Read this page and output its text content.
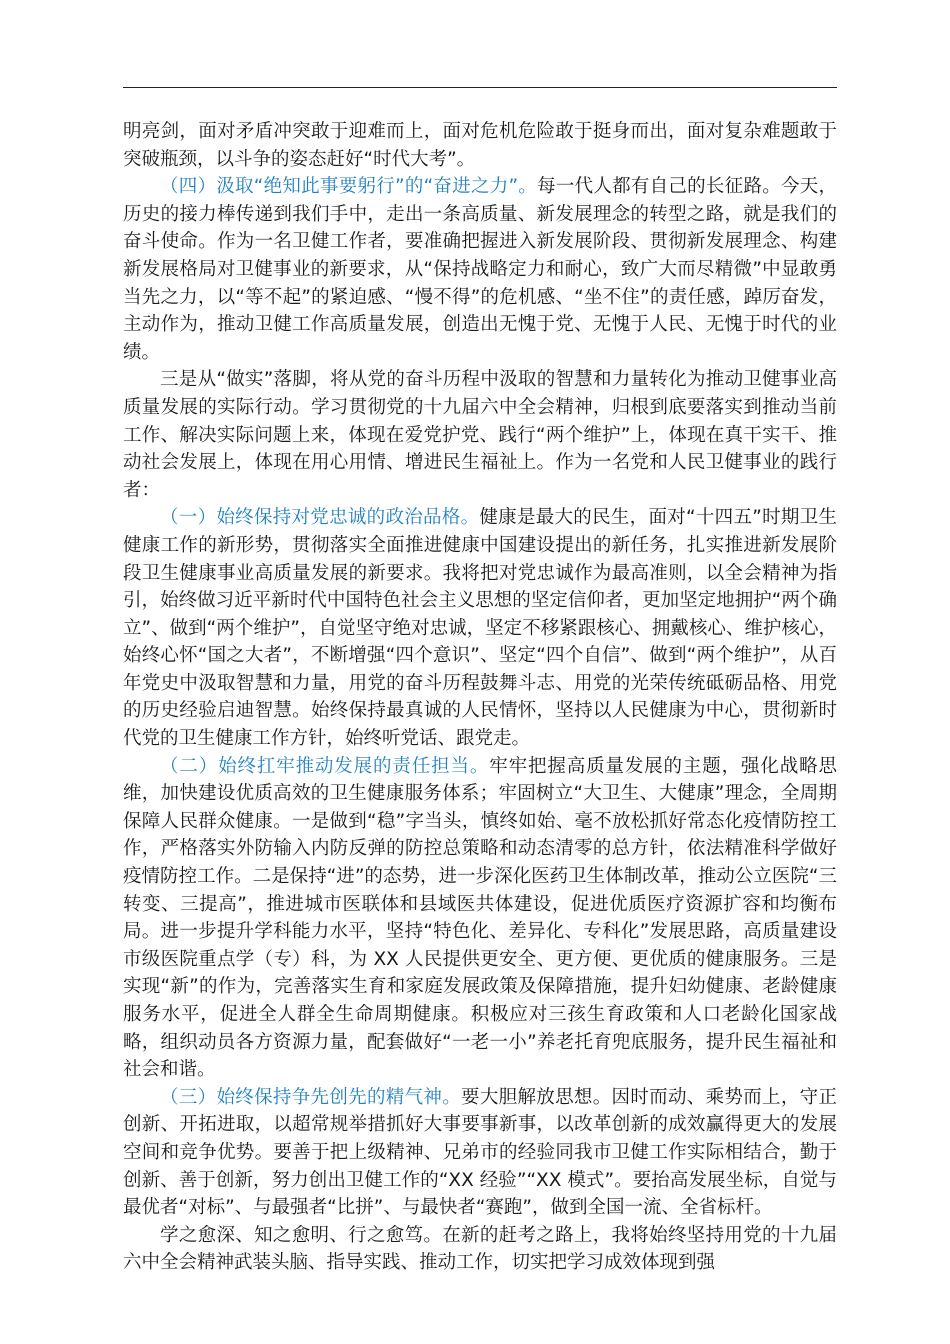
明亮剑，面对矛盾冲突敢于迎难而上，面对危机危险敢于挺身而出，面对复杂难题敢于突破瓶颈，以斗争的姿态赶好“时代大考”。

（四）汲取“绝知此事要躬行”的“奋进之力”。每一代人都有自己的长征路。今天，历史的接力棒传递到我们手中，走出一条高质量、新发展理念的转型之路，就是我们的奋斗使命。作为一名卫健工作者，要准确把握进入新发展阶段、贯彻新发展理念、构建新发展格局对卫健事业的新要求，从“保持战略定力和耐心，致广大而尽精微”中显敢勇当先之力，以“等不起”的紧迫感、“慢不得”的危机感、“坐不住”的责任感，踔厉奋发，主动作为，推动卫健工作高质量发展，创造出无愧于党、无愧于人民、无愧于时代的业绩。

三是从“做实”落脚，将从党的奋斗历程中汲取的智慧和力量转化为推动卫健事业高质量发展的实际行动。学习贯彻党的十九届六中全会精神，归根到底要落实到推动当前工作、解决实际问题上来，体现在爱党护党、践行“两个维护”上，体现在真干实干、推动社会发展上，体现在用心用情、增进民生福祉上。作为一名党和人民卫健事业的践行者：

（一）始终保持对党忠诚的政治品格。健康是最大的民生，面对“十四五”时期卫生健康工作的新形势，贯彻落实全面推进健康中国建设提出的新任务，扎实推进新发展阶段卫生健康事业高质量发展的新要求。我将把对党忠诚作为最高准则，以全会精神为指引，始终做习近平新时代中国特色社会主义思想的坚定信仰者，更加坚定地拥护“两个确立”、做到“两个维护”，自觉坚守绝对忠诚，坚定不移紧跟核心、拥戴核心、维护核心，始终心怀“国之大者”，不断增强“四个意识”、坚定“四个自信”、做到“两个维护”，从百年党史中汲取智慧和力量，用党的奋斗历程鼓舞斗志、用党的光荣传统砥砺品格、用党的历史经验启迪智慧。始终保持最真诚的人民情怀，坚持以人民健康为中心，贯彻新时代党的卫生健康工作方针，始终听党话、跟党走。

（二）始终扛牢推动发展的责任担当。牢牢把握高质量发展的主题，强化战略思维，加快建设优质高效的卫生健康服务体系；牢固树立“大卫生、大健康”理念，全周期保障人民群众健康。一是做到“稳”字当头，慎终如始、毫不放松抓好常态化疫情防控工作，严格落实外防输入内防反弹的防控总策略和动态清零的总方针，依法精准科学做好疫情防控工作。二是保持“进”的态势，进一步深化医药卫生体制改革，推动公立医院“三转变、三提高”，推进城市医联体和县域医共体建设，促进优质医疗资源扩容和均衡布局。进一步提升学科能力水平，坚持“特色化、差异化、专科化”发展思路，高质量建设市级医院重点学（专）科，为 XX 人民提供更安全、更方便、更优质的健康服务。三是实现“新”的作为，完善落实生育和家庭发展政策及保障措施，提升妇幼健康、老龄健康服务水平，促进全人群全生命周期健康。积极应对三孩生育政策和人口老龄化国家战略，组织动员各方资源力量，配套做好“一老一小”养老托育兜底服务，提升民生福祉和社会和谐。

（三）始终保持争先创先的精气神。要大胆解放思想。因时而动、乘势而上，守正创新、开拓进取，以超常规举措抓好大事要事新事，以改革创新的成效赢得更大的发展空间和竞争优势。要善于把上级精神、兄弟市的经验同我市卫健工作实际相结合，勤于创新、善于创新，努力创出卫健工作的“XX 经验”“XX 模式”。要抬高发展坐标，自觉与最优者“对标”、与最强者“比拼”、与最快者“赛跑”，做到全国一流、全省标杆。

学之愈深、知之愈明、行之愈笃。在新的赶考之路上，我将始终坚持用党的十九届六中全会精神武装头脑、指导实践、推动工作，切实把学习成效体现到强
